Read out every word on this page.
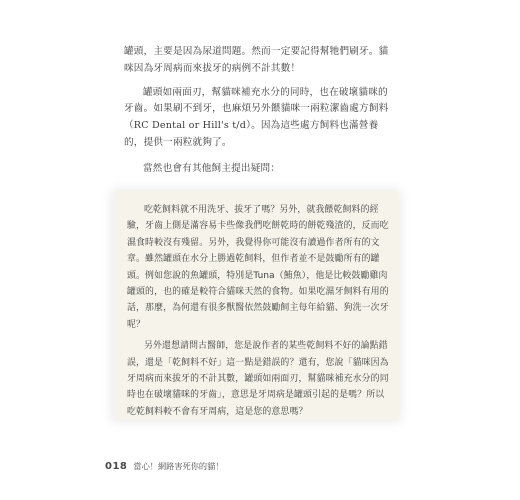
罐頭，主要是因為尿道問題。然而一定要記得幫牠們刷牙。貓咪因為牙周病而來拔牙的病例不計其數！

罐頭如兩面刃，幫貓咪補充水分的同時，也在破壞貓咪的牙齒。如果刷不到牙，也麻煩另外餵貓咪一兩粒潔齒處方飼料（RC Dental or Hill's t/d）。因為這些處方飼料也滿營養的，提供一兩粒就夠了。

當然也會有其他飼主提出疑問：

吃乾飼料就不用洗牙、拔牙了嗎？另外，就我餵乾飼料的經驗，牙齒上側是滿容易卡些像我們吃餅乾時的餅乾殘渣的，反而吃濕食時較沒有殘留。另外，我覺得你可能沒有讀過作者所有的文章。雖然罐頭在水分上勝過乾飼料，但作者並不是鼓勵所有的罐頭。例如您說的魚罐頭，特別是Tuna（鮪魚），他是比較鼓勵雞肉罐頭的，也的確是較符合貓咪天然的食物。如果吃濕牙飼料有用的話，那麼，為何還有很多獸醫依然鼓勵飼主每年給貓、狗洗一次牙呢？

另外還想請問古醫師，您是說作者的某些乾飼料不好的論點錯誤，還是「乾飼料不好」這一點是錯誤的？還有，您說「貓咪因為牙周病而來拔牙的不計其數，罐頭如兩面刃，幫貓咪補充水分的同時也在破壞貓咪的牙齒」，意思是牙周病是罐頭引起的是嗎？所以吃乾飼料較不會有牙周病，這是您的意思嗎？

018 當心！網路害死你的貓！
